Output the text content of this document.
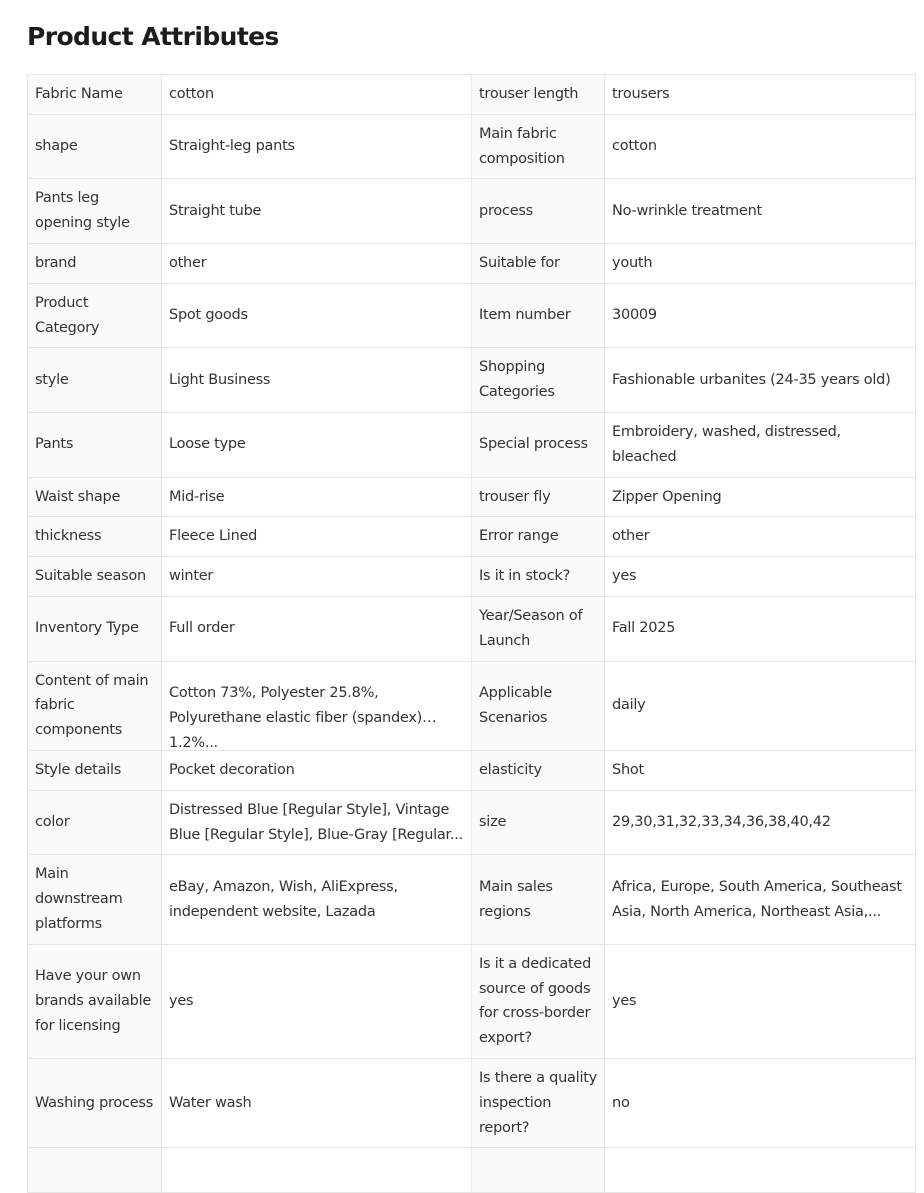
Product Attributes
Fabric Name	cotton	trouser length	trousers

shape	Straight-leg pants	Main fabric composition	cotton

Pants leg opening style	Straight tube	process	No-wrinkle treatment

brand	other	Suitable for	youth

Product Category	Spot goods	Item number	30009

style	Light Business	Shopping Categories	Fashionable urbanites (24-35 years old)

Pants	Loose type	Special process	Embroidery, washed, distressed, bleached

Waist shape	Mid-rise	trouser fly	Zipper Opening

thickness	Fleece Lined	Error range	other

Suitable season	winter	Is it in stock?	yes

Inventory Type	Full order	Year/Season of Launch	Fall 2025

Content of main fabric components	Cotton 73%, Polyester 25.8%, Polyurethane elastic fiber (spandex) 1.2%...	Applicable Scenarios	daily

Style details	Pocket decoration	elasticity	Shot

color	Distressed Blue [Regular Style], Vintage Blue [Regular Style], Blue-Gray [Regular...	size	29,30,31,32,33,34,36,38,40,42

Main downstream platforms	eBay, Amazon, Wish, AliExpress, independent website, Lazada	Main sales regions	Africa, Europe, South America, Southeast Asia, North America, Northeast Asia,...

Have your own brands available for licensing	yes	Is it a dedicated source of goods for cross-border export?	yes

Washing process	Water wash	Is there a quality inspection report?	no
